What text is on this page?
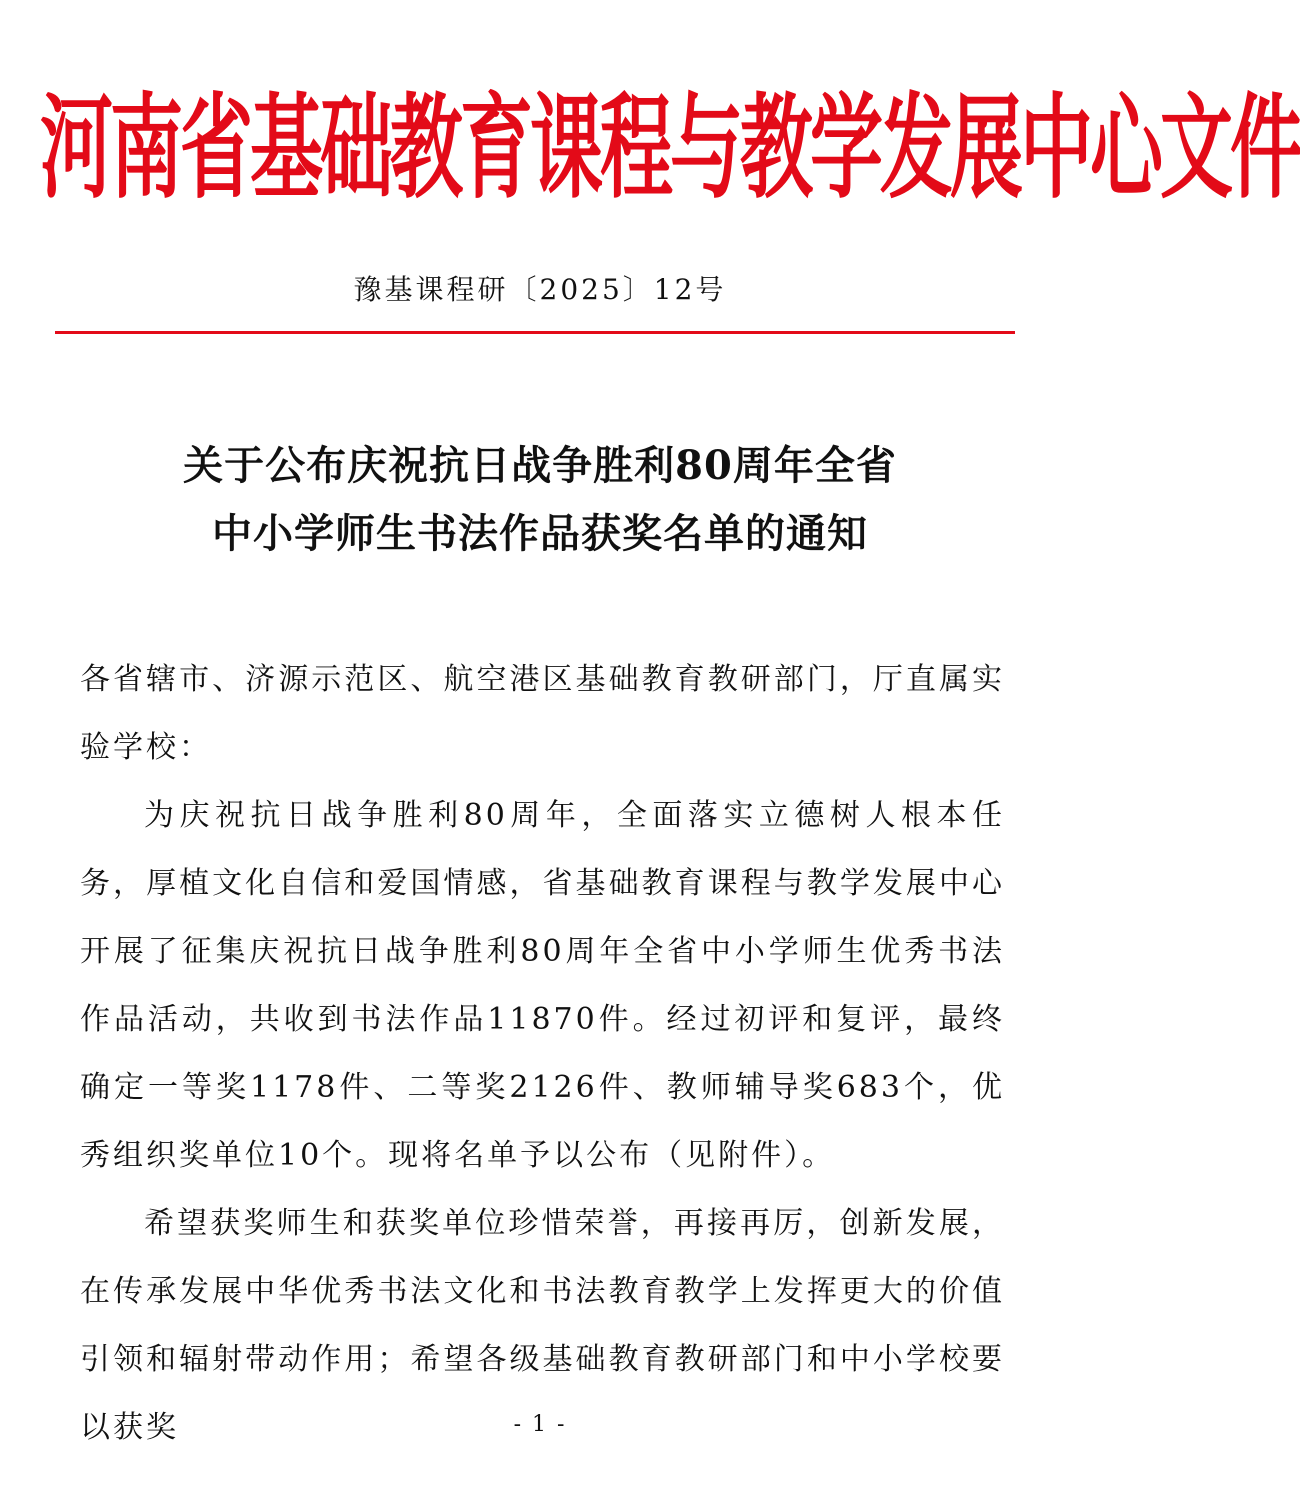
河南省基础教育课程与教学发展中心文件
豫基课程研〔2025〕12号
关于公布庆祝抗日战争胜利80周年全省
中小学师生书法作品获奖名单的通知

各省辖市、济源示范区、航空港区基础教育教研部门，厅直属实验学校：

为庆祝抗日战争胜利80周年，全面落实立德树人根本任务，厚植文化自信和爱国情感，省基础教育课程与教学发展中心开展了征集庆祝抗日战争胜利80周年全省中小学师生优秀书法作品活动，共收到书法作品11870件。经过初评和复评，最终确定一等奖1178件、二等奖2126件、教师辅导奖683个，优秀组织奖单位10个。现将名单予以公布（见附件）。

希望获奖师生和获奖单位珍惜荣誉，再接再厉，创新发展，在传承发展中华优秀书法文化和书法教育教学上发挥更大的价值引领和辐射带动作用；希望各级基础教育教研部门和中小学校要以获奖	- 1 -
